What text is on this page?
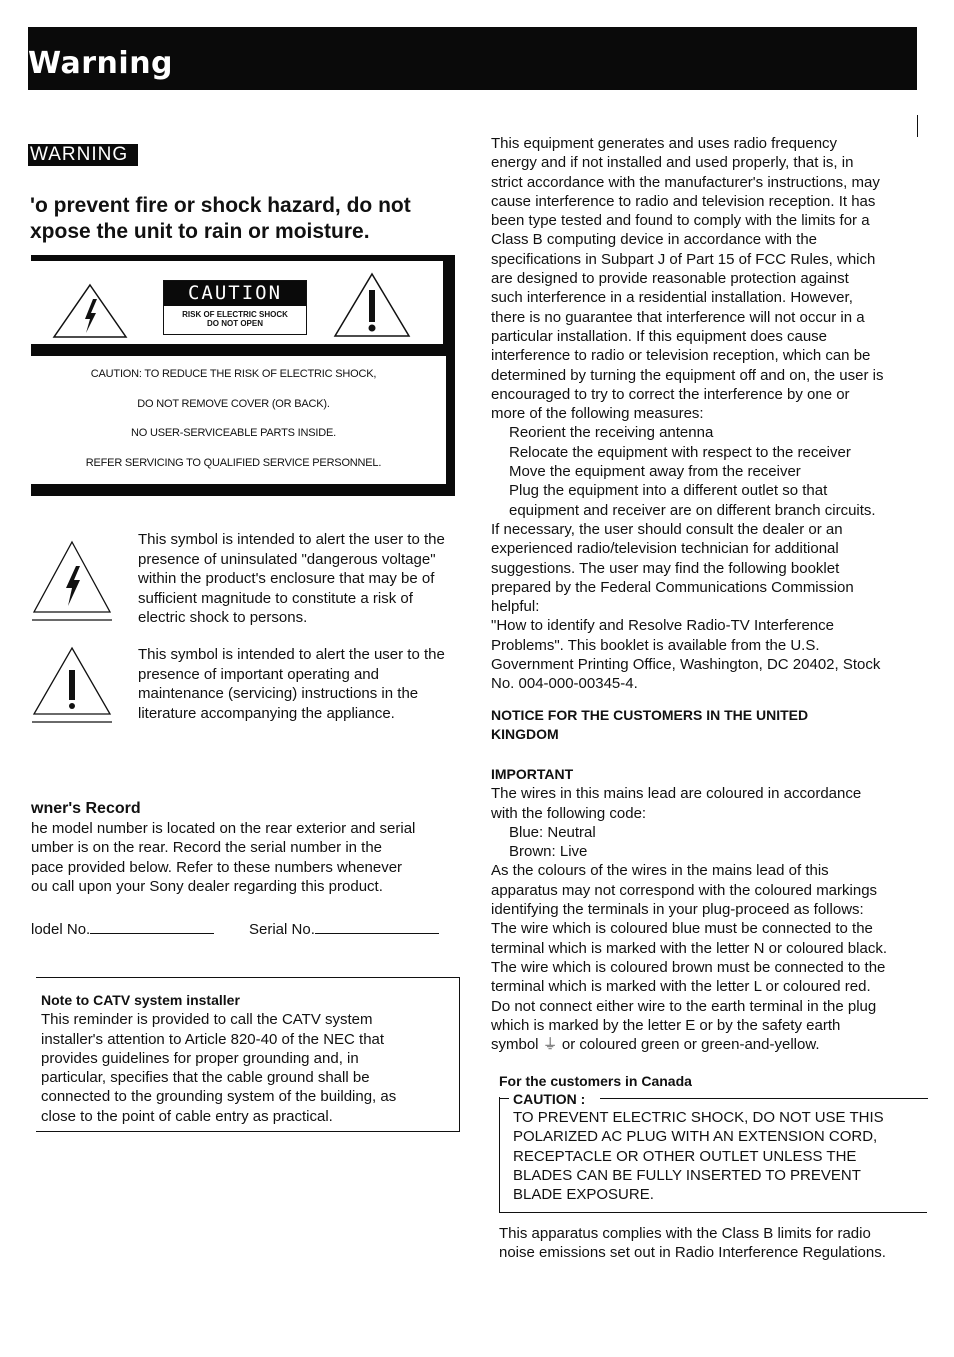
Warning
WARNING
'o prevent fire or shock hazard, do not
xpose the unit to rain or moisture.
CAUTION
RISK OF ELECTRIC SHOCK
DO NOT OPEN
CAUTION: TO REDUCE THE RISK OF ELECTRIC SHOCK,
DO NOT REMOVE COVER (OR BACK).
NO USER-SERVICEABLE PARTS INSIDE.
REFER SERVICING TO QUALIFIED SERVICE PERSONNEL.
This symbol is intended to alert the user to the presence of uninsulated "dangerous voltage" within the product's enclosure that may be of sufficient magnitude to constitute a risk of electric shock to persons.
This symbol is intended to alert the user to the presence of important operating and maintenance (servicing) instructions in the literature accompanying the appliance.
wner's Record
he model number is located on the rear exterior and serial
umber is on the rear. Record the serial number in the
pace provided below. Refer to these numbers whenever
ou call upon your Sony dealer regarding this product.
lodel No.	Serial No.
Note to CATV system installer
This reminder is provided to call the CATV system
installer's attention to Article 820-40 of the NEC that
provides guidelines for proper grounding and, in
particular, specifies that the cable ground shall be
connected to the grounding system of the building, as
close to the point of cable entry as practical.
This equipment generates and uses radio frequency
energy and if not installed and used properly, that is, in
strict accordance with the manufacturer's instructions, may
cause interference to radio and television reception. It has
been type tested and found to comply with the limits for a
Class B computing device in accordance with the
specifications in Subpart J of Part 15 of FCC Rules, which
are designed to provide reasonable protection against
such interference in a residential installation. However,
there is no guarantee that interference will not occur in a
particular installation. If this equipment does cause
interference to radio or television reception, which can be
determined by turning the equipment off and on, the user is
encouraged to try to correct the interference by one or
more of the following measures:
Reorient the receiving antenna
Relocate the equipment with respect to the receiver
Move the equipment away from the receiver
Plug the equipment into a different outlet so that
equipment and receiver are on different branch circuits.
If necessary, the user should consult the dealer or an
experienced radio/television technician for additional
suggestions. The user may find the following booklet
prepared by the Federal Communications Commission
helpful:
"How to identify and Resolve Radio-TV Interference
Problems". This booklet is available from the U.S.
Government Printing Office, Washington, DC 20402, Stock
No. 004-000-00345-4.
NOTICE FOR THE CUSTOMERS IN THE UNITED
KINGDOM
IMPORTANT
The wires in this mains lead are coloured in accordance
with the following code:
Blue: Neutral
Brown: Live
As the colours of the wires in the mains lead of this
apparatus may not correspond with the coloured markings
identifying the terminals in your plug-proceed as follows:
The wire which is coloured blue must be connected to the
terminal which is marked with the letter N or coloured black.
The wire which is coloured brown must be connected to the
terminal which is marked with the letter L or coloured red.
Do not connect either wire to the earth terminal in the plug
which is marked by the letter E or by the safety earth
symbol ⏚ or coloured green or green-and-yellow.
For the customers in Canada
CAUTION :
TO PREVENT ELECTRIC SHOCK, DO NOT USE THIS
POLARIZED AC PLUG WITH AN EXTENSION CORD,
RECEPTACLE OR OTHER OUTLET UNLESS THE
BLADES CAN BE FULLY INSERTED TO PREVENT
BLADE EXPOSURE.
This apparatus complies with the Class B limits for radio
noise emissions set out in Radio Interference Regulations.
